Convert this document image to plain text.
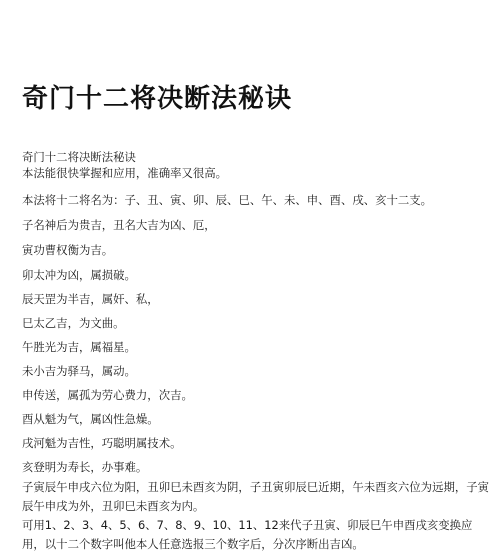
奇门十二将决断法秘诀
奇门十二将决断法秘诀
本法能很快掌握和应用，准确率又很高。
本法将十二将名为：子、丑、寅、卯、辰、巳、午、未、申、酉、戌、亥十二支。
子名神后为贵吉，丑名大吉为凶、厄，
寅功曹权衡为吉。
卯太冲为凶，属损破。
辰天罡为半吉，属奸、私，
巳太乙吉，为文曲。
午胜光为吉，属福星。
未小吉为驿马，属动。
申传送，属孤为劳心费力，次吉。
酉从魁为气，属凶性急燥。
戌河魁为吉性，巧聪明属技术。
亥登明为寿长，办事难。
子寅辰午申戌六位为阳，丑卯巳未酉亥为阴，子丑寅卯辰巳近期，午未酉亥六位为远期，子寅辰午申戌为外，丑卯巳未酉亥为内。
可用1、2、3、4、5、6、7、8、9、10、11、12来代子丑寅、卯辰巳午申酉戌亥变换应用，以十二个数字叫他本人任意选报三个数字后，分次序断出吉凶。
